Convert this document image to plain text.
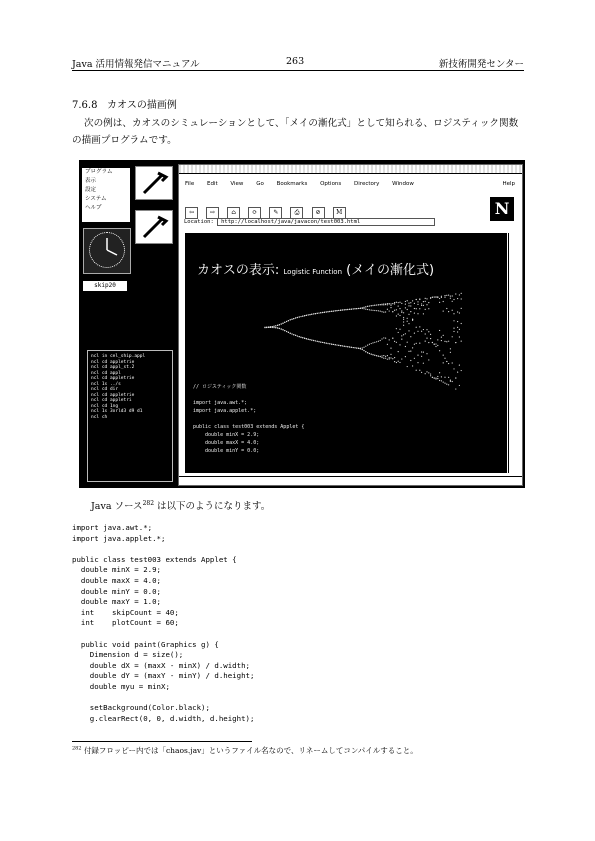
Java 活用情報発信マニュアル	263	新技術開発センター
7.6.8 カオスの描画例
次の例は、カオスのシミュレーションとして、「メイの漸化式」として知られる、ロジスティック関数の描画プログラムです。
プログラム
表示
設定
システム
ヘルプ
skip20
ncl in cel_ship.appl
ncl cd appletrie
ncl cd appl_st.2
ncl cd appl
ncl cd appletrie
ncl 1s ../s
ncl cd dir
ncl cd appletrie
ncl cd appletri
ncl cd 1ng
ncl 1s 3orld3 d9 d1
ncl ch
File Edit View Go Bookmarks Options Directory Window	Help
⇦	⇨	⌂	⟳	✎	⎙	⊘	M	N
Location: http://localhost/java/javacon/test003.html
カオスの表示: Logistic Function (メイの漸化式)
// ロジスティック関数

import java.awt.*;
import java.applet.*;

public class test003 extends Applet {
double minX = 2.9;
double maxX = 4.0;
double minY = 0.0;
Java ソース$^{282}$ は以下のようになります。
import java.awt.*;
import java.applet.*;

public class test003 extends Applet {
double minX = 2.9;
double maxX = 4.0;
double minY = 0.0;
double maxY = 1.0;
int    skipCount = 40;
int    plotCount = 60;

public void paint(Graphics g) {
Dimension d = size();
double dX = (maxX - minX) / d.width;
double dY = (maxY - minY) / d.height;
double myu = minX;

setBackground(Color.black);
g.clearRect(0, 0, d.width, d.height);
$^{282}$ 付録フロッピー内では「chaos.jav」というファイル名なので、リネームしてコンパイルすること。
